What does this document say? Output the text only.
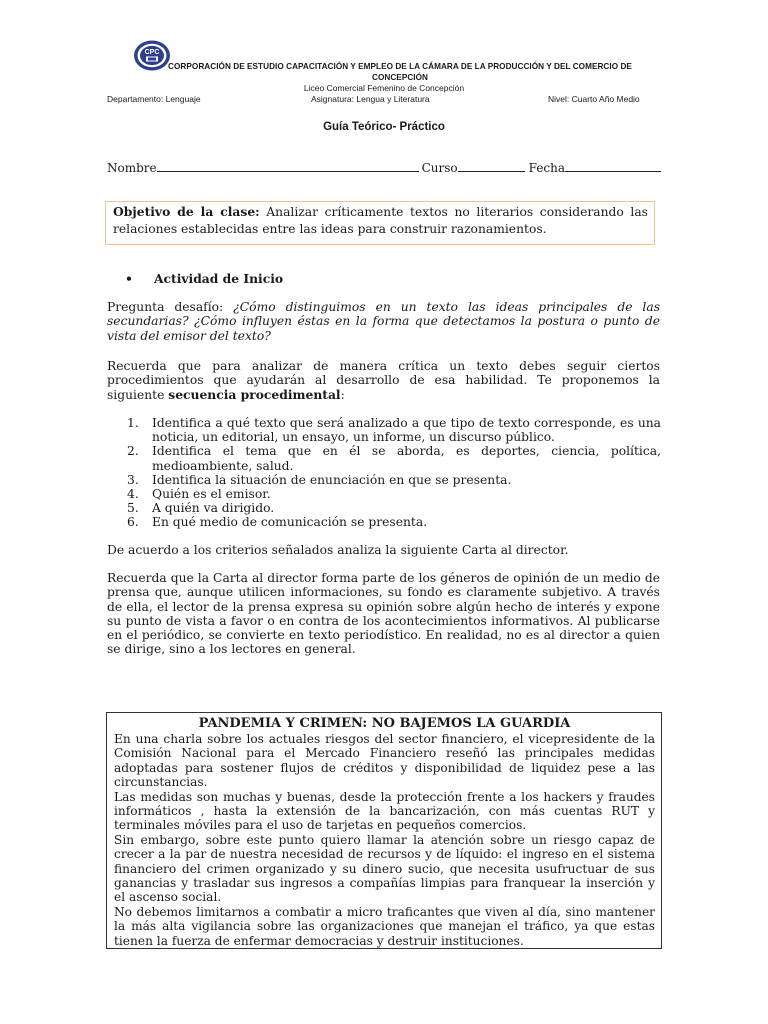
CPC
CORPORACIÓN DE ESTUDIO CAPACITACIÓN Y EMPLEO DE LA CÁMARA DE LA PRODUCCIÓN Y DEL COMERCIO DE CONCEPCIÓN
Liceo Comercial Femenino de Concepción
Departamento: Lenguaje	Asignatura: Lengua y Literatura	Nivel: Cuarto Año Medio
Guía Teórico- Práctico
Nombre	Curso	Fecha

Objetivo de la clase: Analizar críticamente textos no literarios considerando las relaciones establecidas entre las ideas para construir razonamientos.

• Actividad de Inicio

Pregunta desafío: ¿Cómo distinguimos en un texto las ideas principales de las secundarias? ¿Cómo influyen éstas en la forma que detectamos la postura o punto de vista del emisor del texto?

Recuerda que para analizar de manera crítica un texto debes seguir ciertos procedimientos que ayudarán al desarrollo de esa habilidad. Te proponemos la siguiente secuencia procedimental:

1.	Identifica a qué texto que será analizado a que tipo de texto corresponde, es una noticia, un editorial, un ensayo, un informe, un discurso público.
2.	Identifica el tema que en él se aborda, es deportes, ciencia, política, medioambiente, salud.
3.	Identifica la situación de enunciación en que se presenta.
4.	Quién es el emisor.
5.	A quién va dirigido.
6.	En qué medio de comunicación se presenta.

De acuerdo a los criterios señalados analiza la siguiente Carta al director.

Recuerda que la Carta al director forma parte de los géneros de opinión de un medio de prensa que, aunque utilicen informaciones, su fondo es claramente subjetivo. A través de ella, el lector de la prensa expresa su opinión sobre algún hecho de interés y expone su punto de vista a favor o en contra de los acontecimientos informativos. Al publicarse en el periódico, se convierte en texto periodístico. En realidad, no es al director a quien se dirige, sino a los lectores en general.

PANDEMIA Y CRIMEN: NO BAJEMOS LA GUARDIA

En una charla sobre los actuales riesgos del sector financiero, el vicepresidente de la Comisión Nacional para el Mercado Financiero reseñó las principales medidas adoptadas para sostener flujos de créditos y disponibilidad de liquidez pese a las circunstancias.

Las medidas son muchas y buenas, desde la protección frente a los hackers y fraudes informáticos , hasta la extensión de la bancarización, con más cuentas RUT y terminales móviles para el uso de tarjetas en pequeños comercios.

Sin embargo, sobre este punto quiero llamar la atención sobre un riesgo capaz de crecer a la par de nuestra necesidad de recursos y de líquido: el ingreso en el sistema financiero del crimen organizado y su dinero sucio, que necesita usufructuar de sus ganancias y trasladar sus ingresos a compañías limpias para franquear la inserción y el ascenso social.

No debemos limitarnos a combatir a micro traficantes que viven al día, sino mantener la más alta vigilancia sobre las organizaciones que manejan el tráfico, ya que estas tienen la fuerza de enfermar democracias y destruir instituciones.
